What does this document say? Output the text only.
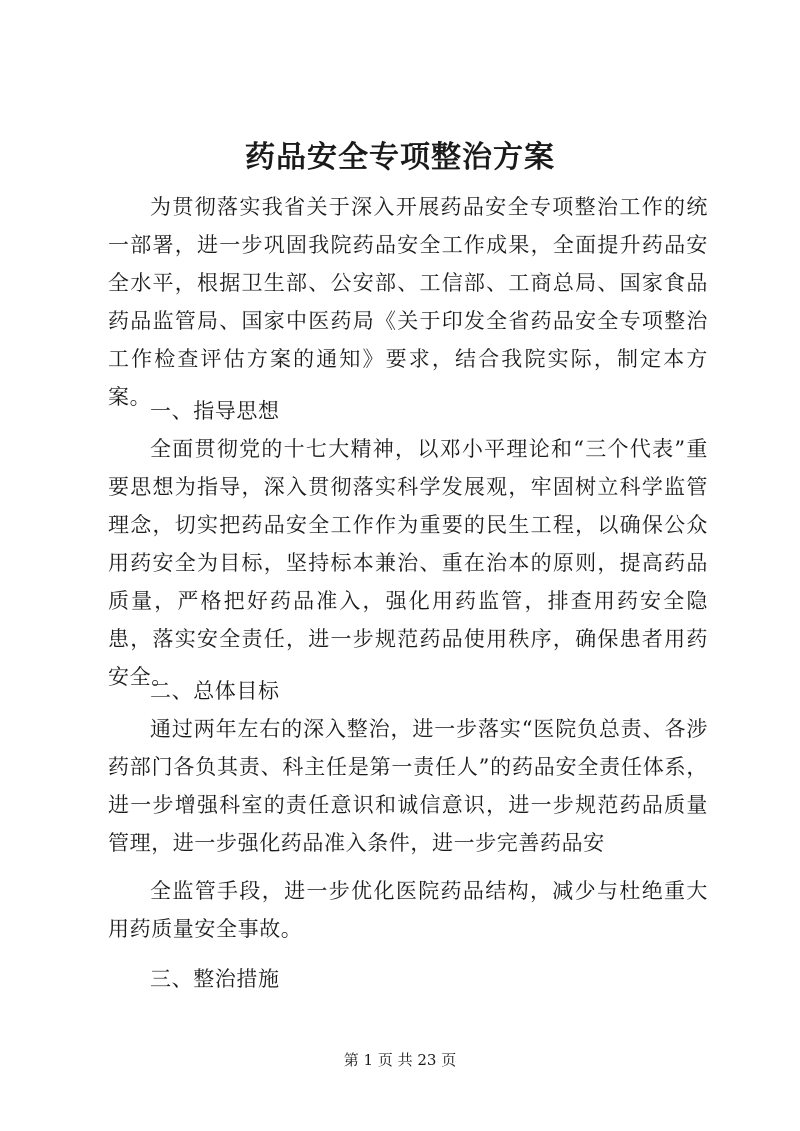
药品安全专项整治方案

为贯彻落实我省关于深入开展药品安全专项整治工作的统一部署，进一步巩固我院药品安全工作成果，全面提升药品安全水平，根据卫生部、公安部、工信部、工商总局、国家食品药品监管局、国家中医药局《关于印发全省药品安全专项整治工作检查评估方案的通知》要求，结合我院实际，制定本方案。

一、指导思想

全面贯彻党的十七大精神，以邓小平理论和“三个代表”重要思想为指导，深入贯彻落实科学发展观，牢固树立科学监管理念，切实把药品安全工作作为重要的民生工程，以确保公众用药安全为目标，坚持标本兼治、重在治本的原则，提高药品质量，严格把好药品准入，强化用药监管，排查用药安全隐患，落实安全责任，进一步规范药品使用秩序，确保患者用药安全。

二、总体目标

通过两年左右的深入整治，进一步落实“医院负总责、各涉药部门各负其责、科主任是第一责任人”的药品安全责任体系，进一步增强科室的责任意识和诚信意识，进一步规范药品质量管理，进一步强化药品准入条件，进一步完善药品安

全监管手段，进一步优化医院药品结构，减少与杜绝重大用药质量安全事故。

三、整治措施

第 1 页 共 23 页
